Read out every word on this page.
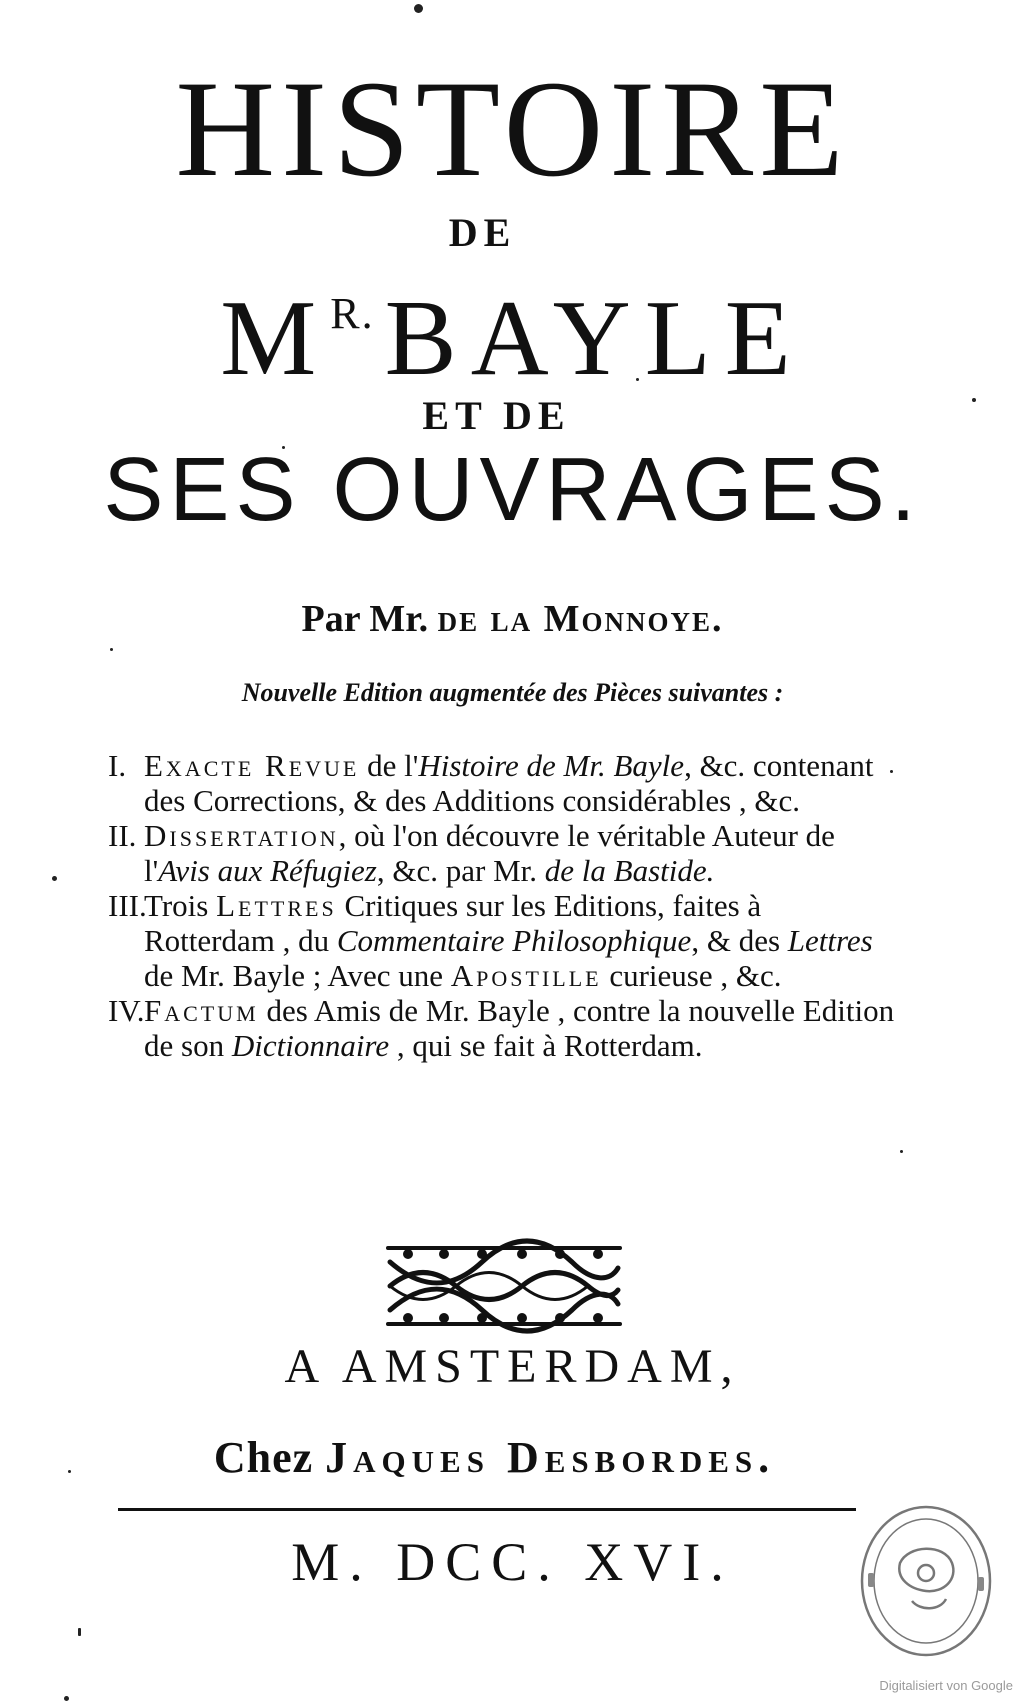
HISTOIRE
DE
$M^{R.}BAYLE$
ET DE
SES OUVRAGES.
Par Mr. de la Monnoye.
Nouvelle Edition augmentée des Pièces suivantes :
I. Exacte Revue de l'Histoire de Mr. Bayle, &c. contenant des Corrections, & des Additions considérables , &c.
II. Dissertation, où l'on découvre le véritable Auteur de l'Avis aux Réfugiez, &c. par Mr. de la Bastide.
III.
Trois Lettres Critiques sur les Editions, faites à Rotterdam , du Commentaire Philosophique, & des Lettres de Mr. Bayle ; Avec une Apostille curieuse , &c.
IV. Factum des Amis de Mr. Bayle , contre la nouvelle Edition de son Dictionnaire , qui se fait à Rotterdam.
A AMSTERDAM,
Chez Jaques Desbordes.
M. DCC. XVI.
Digitalisiert von Google
